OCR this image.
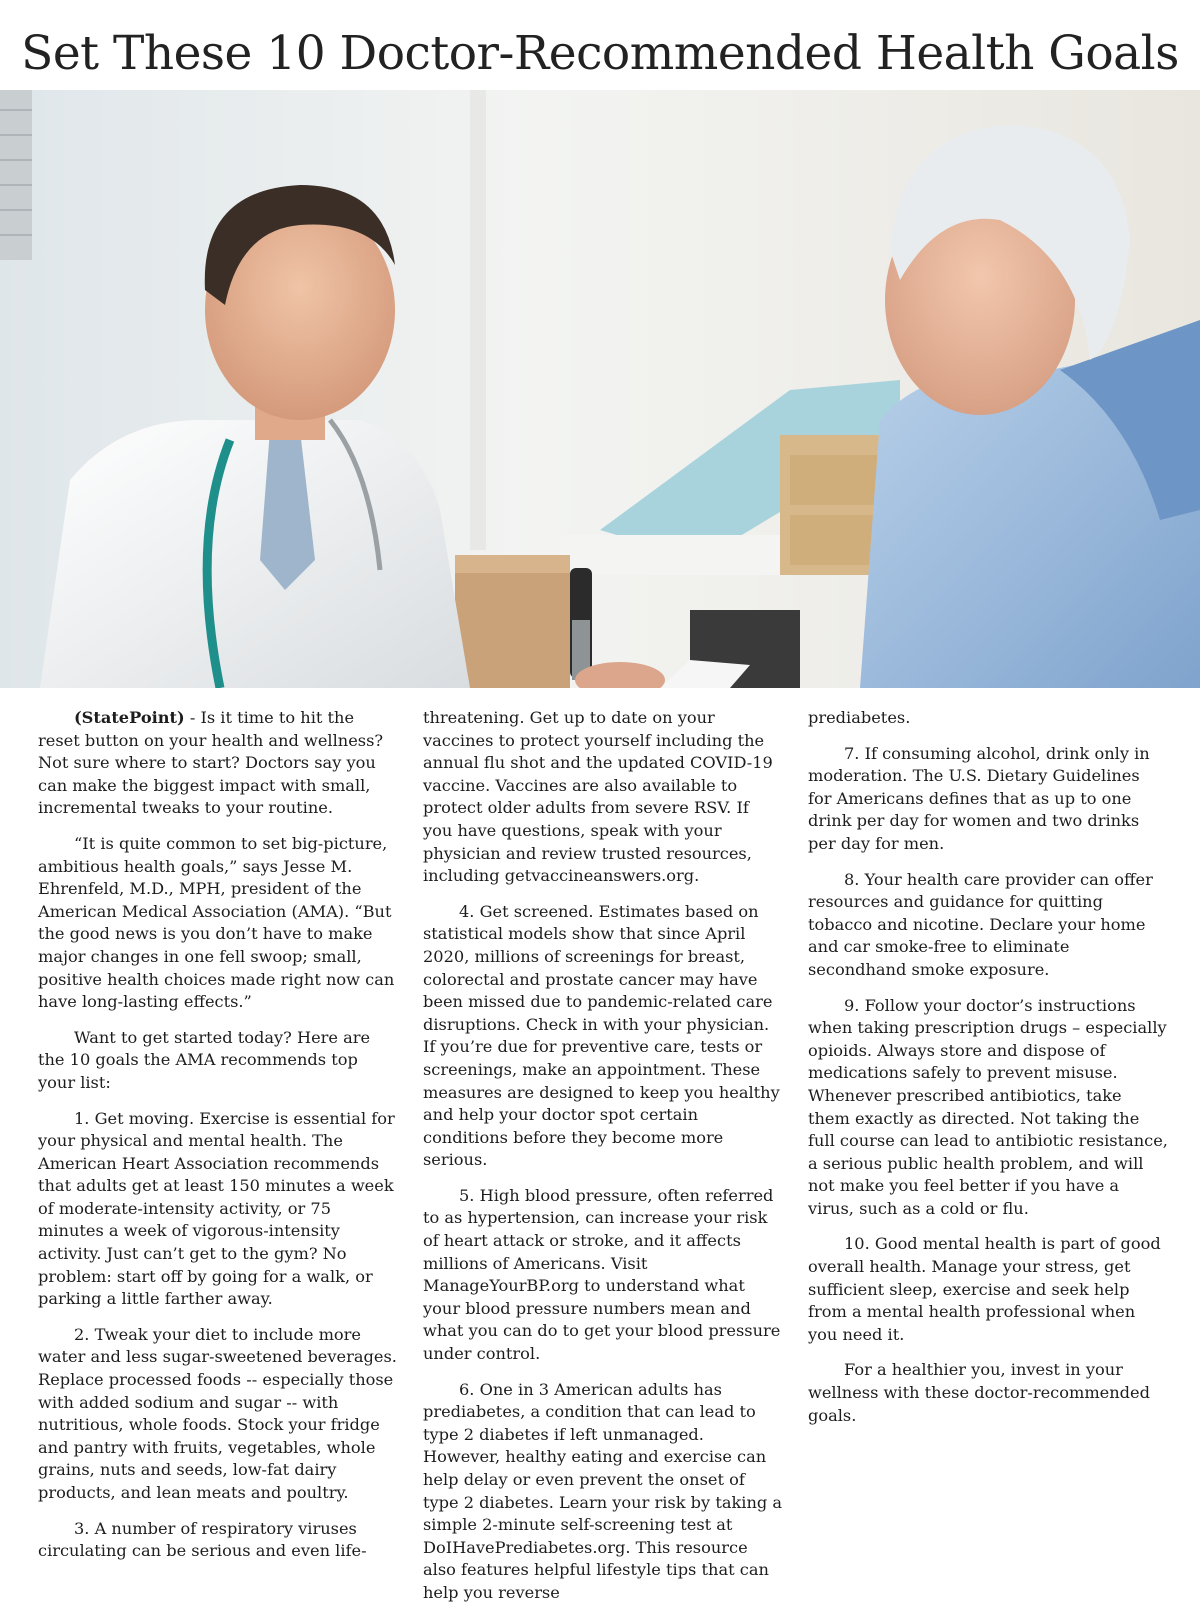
Set These 10 Doctor-Recommended Health Goals

(StatePoint) - Is it time to hit the reset button on your health and wellness? Not sure where to start? Doctors say you can make the biggest impact with small, incremental tweaks to your routine.

“It is quite common to set big-picture, ambitious health goals,” says Jesse M. Ehrenfeld, M.D., MPH, president of the American Medical Association (AMA). “But the good news is you don’t have to make major changes in one fell swoop; small, positive health choices made right now can have long-lasting effects.”

Want to get started today? Here are the 10 goals the AMA recommends top your list:

1. Get moving. Exercise is essential for your physical and mental health. The American Heart Association recommends that adults get at least 150 minutes a week of moderate-intensity activity, or 75 minutes a week of vigorous-intensity activity. Just can’t get to the gym? No problem: start off by going for a walk, or parking a little farther away.

2. Tweak your diet to include more water and less sugar-sweetened beverages. Replace processed foods -- especially those with added sodium and sugar -- with nutritious, whole foods. Stock your fridge and pantry with fruits, vegetables, whole grains, nuts and seeds, low-fat dairy products, and lean meats and poultry.

3. A number of respiratory viruses circulating can be serious and even life-

threatening. Get up to date on your vaccines to protect yourself including the annual flu shot and the updated COVID-19 vaccine. Vaccines are also available to protect older adults from severe RSV. If you have questions, speak with your physician and review trusted resources, including getvaccineanswers.org.

4. Get screened. Estimates based on statistical models show that since April 2020, millions of screenings for breast, colorectal and prostate cancer may have been missed due to pandemic-related care disruptions. Check in with your physician. If you’re due for preventive care, tests or screenings, make an appointment. These measures are designed to keep you healthy and help your doctor spot certain conditions before they become more serious.

5. High blood pressure, often referred to as hypertension, can increase your risk of heart attack or stroke, and it affects millions of Americans. Visit ManageYourBP.org to understand what your blood pressure numbers mean and what you can do to get your blood pressure under control.

6. One in 3 American adults has prediabetes, a condition that can lead to type 2 diabetes if left unmanaged. However, healthy eating and exercise can help delay or even prevent the onset of type 2 diabetes. Learn your risk by taking a simple 2-minute self-screening test at DoIHavePrediabetes.org. This resource also features helpful lifestyle tips that can help you reverse

prediabetes.

7. If consuming alcohol, drink only in moderation. The U.S. Dietary Guidelines for Americans defines that as up to one drink per day for women and two drinks per day for men.

8. Your health care provider can offer resources and guidance for quitting tobacco and nicotine. Declare your home and car smoke-free to eliminate secondhand smoke exposure.

9. Follow your doctor’s instructions when taking prescription drugs – especially opioids. Always store and dispose of medications safely to prevent misuse. Whenever prescribed antibiotics, take them exactly as directed. Not taking the full course can lead to antibiotic resistance, a serious public health problem, and will not make you feel better if you have a virus, such as a cold or flu.

10. Good mental health is part of good overall health. Manage your stress, get sufficient sleep, exercise and seek help from a mental health professional when you need it.

For a healthier you, invest in your wellness with these doctor-recommended goals.
